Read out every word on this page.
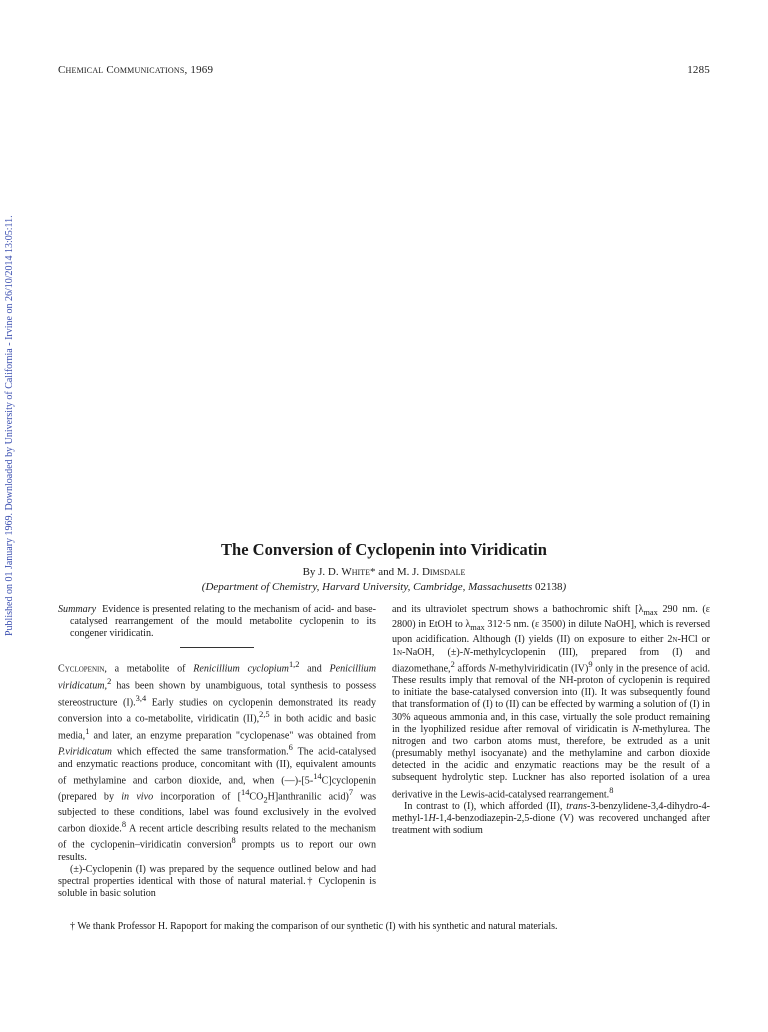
Chemical Communications, 1969	1285
Published on 01 January 1969. Downloaded by University of California - Irvine on 26/10/2014 13:05:11.	The Conversion of Cyclopenin into Viridicatin
By J. D. White* and M. J. Dimsdale
(Department of Chemistry, Harvard University, Cambridge, Massachusetts 02138)

Summary Evidence is presented relating to the mechanism of acid- and base-catalysed rearrangement of the mould metabolite cyclopenin to its congener viridicatin.

Cyclopenin, a metabolite of Renicillium cyclopium$^{1,2}$ and Penicillium viridicatum,$^2$ has been shown by unambiguous, total synthesis to possess stereostructure (I).$^{3,4}$ Early studies on cyclopenin demonstrated its ready conversion into a co-metabolite, viridicatin (II),$^{2,5}$ in both acidic and basic media,$^1$ and later, an enzyme preparation "cyclopenase" was obtained from P.viridicatum which effected the same transformation.$^6$ The acid-catalysed and enzymatic reactions produce, concomitant with (II), equivalent amounts of methylamine and carbon dioxide, and, when (—)-[5-$^{14}$C]cyclopenin (prepared by in vivo incorporation of $[^{14}CO_2H]anthranilic$ acid)$^7$ was subjected to these conditions, label was found exclusively in the evolved carbon dioxide.$^8$ A recent article describing results related to the mechanism of the cyclopenin–viridicatin conversion$^8$ prompts us to report our own results.

(±)-Cyclopenin (I) was prepared by the sequence outlined below and had spectral properties identical with those of natural material.† Cyclopenin is soluble in basic solution

and its ultraviolet spectrum shows a bathochromic shift [$\lambda_{max}$ 290 nm. (ε 2800) in EtOH to $\lambda_{max}$ 312·5 nm. (ε 3500) in dilute NaOH], which is reversed upon acidification. Although (I) yields (II) on exposure to either 2n-HCl or 1n-NaOH, (±)-N-methylcyclopenin (III), prepared from (I) and diazomethane,$^2$ affords N-methylviridicatin (IV)$^9$ only in the presence of acid. These results imply that removal of the NH-proton of cyclopenin is required to initiate the base-catalysed conversion into (II). It was subsequently found that transformation of (I) to (II) can be effected by warming a solution of (I) in 30% aqueous ammonia and, in this case, virtually the sole product remaining in the lyophilized residue after removal of viridicatin is N-methylurea. The nitrogen and two carbon atoms must, therefore, be extruded as a unit (presumably methyl isocyanate) and the methylamine and carbon dioxide detected in the acidic and enzymatic reactions may be the result of a subsequent hydrolytic step. Luckner has also reported isolation of a urea derivative in the Lewis-acid-catalysed rearrangement.$^8$

In contrast to (I), which afforded (II), trans-3-benzylidene-3,4-dihydro-4-methyl-1H-1,4-benzodiazepin-2,5-dione (V) was recovered unchanged after treatment with sodium

† We thank Professor H. Rapoport for making the comparison of our synthetic (I) with his synthetic and natural materials.
